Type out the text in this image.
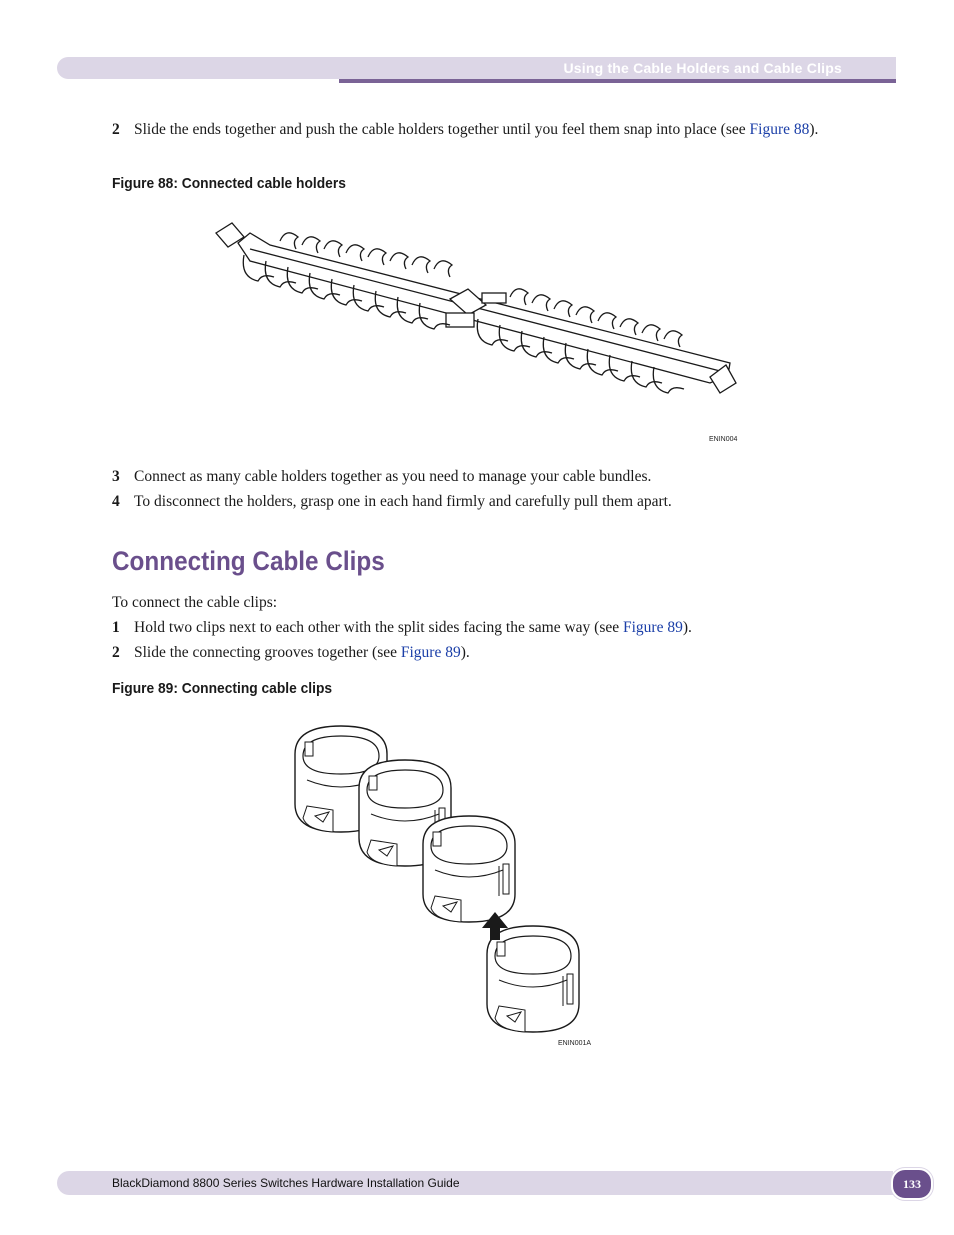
Using the Cable Holders and Cable Clips
2 Slide the ends together and push the cable holders together until you feel them snap into place (see Figure 88).
Figure 88: Connected cable holders
ENIN004
3 Connect as many cable holders together as you need to manage your cable bundles.
4 To disconnect the holders, grasp one in each hand firmly and carefully pull them apart.
Connecting Cable Clips
To connect the cable clips:
1 Hold two clips next to each other with the split sides facing the same way (see Figure 89).
2 Slide the connecting grooves together (see Figure 89).
Figure 89: Connecting cable clips
ENIN001A
BlackDiamond 8800 Series Switches Hardware Installation Guide	133
